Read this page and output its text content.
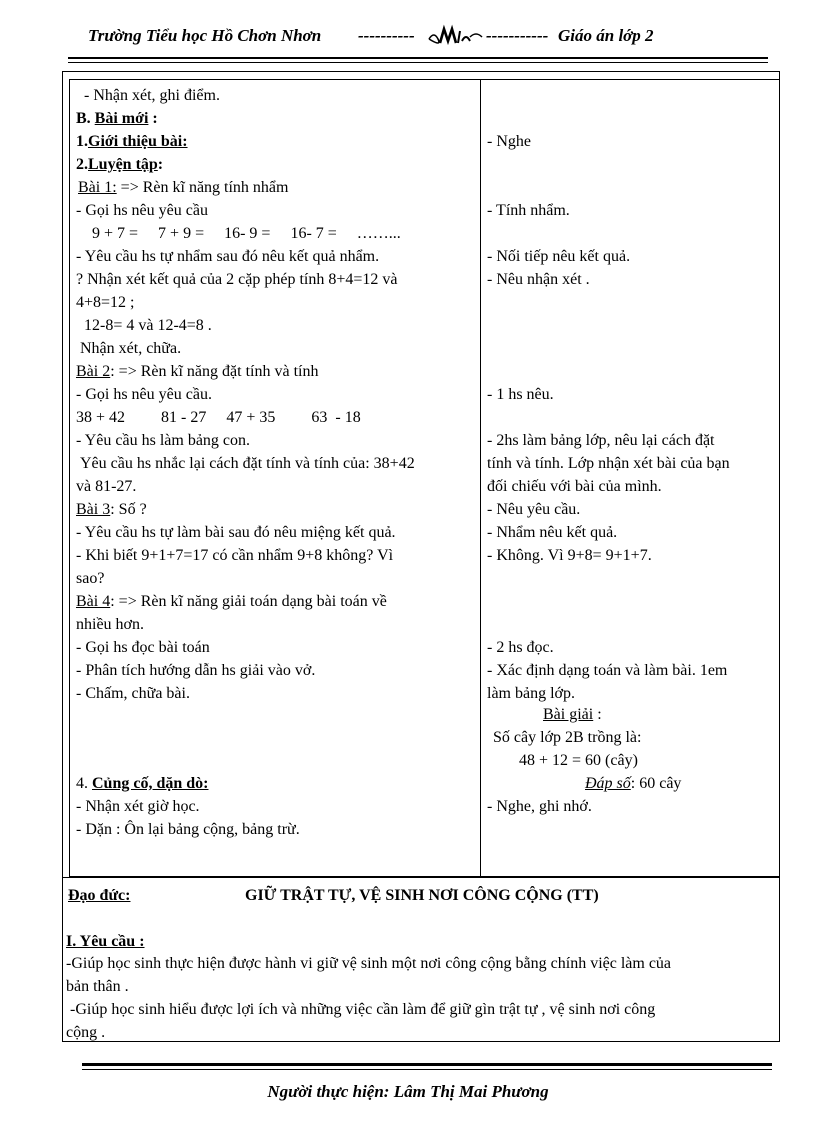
Trường Tiểu học Hồ Chơn Nhơn ----------	----------- Giáo án lớp 2
- Nhận xét, ghi điểm.
B. Bài mới :
1.Giới thiệu bài:
2.Luyện tập:
Bài 1: => Rèn kĩ năng tính nhẩm
- Gọi hs nêu yêu cầu
9 + 7 =     7 + 9 =     16- 9 =     16- 7 =     ……...
- Yêu cầu hs tự nhẩm sau đó nêu kết quả nhẩm.
? Nhận xét kết quả của 2 cặp phép tính 8+4=12 và
4+8=12 ;
12-8= 4 và 12-4=8 .
Nhận xét, chữa.
Bài 2: => Rèn kĩ năng đặt tính và tính
- Gọi hs nêu yêu cầu.
38 + 42         81 - 27     47 + 35         63  - 18
- Yêu cầu hs làm bảng con.
Yêu cầu hs nhắc lại cách đặt tính và tính của: 38+42
và 81-27.
Bài 3: Số ?
- Yêu cầu hs tự làm bài sau đó nêu miệng kết quả.
- Khi biết 9+1+7=17 có cần nhẩm 9+8 không? Vì
sao?
Bài 4: => Rèn kĩ năng giải toán dạng bài toán về
nhiều hơn.
- Gọi hs đọc bài toán
- Phân tích hướng dẫn hs giải vào vở.
- Chấm, chữa bài.
4. Củng cố, dặn dò:
- Nhận xét giờ học.
- Dặn : Ôn lại bảng cộng, bảng trừ.
- Nghe
- Tính nhẩm.
- Nối tiếp nêu kết quả.
- Nêu nhận xét .
- 1 hs nêu.
- 2hs làm bảng lớp, nêu lại cách đặt
tính và tính. Lớp nhận xét bài của bạn
đối chiếu với bài của mình.
- Nêu yêu cầu.
- Nhẩm nêu kết quả.
- Không. Vì 9+8= 9+1+7.
- 2 hs đọc.
- Xác định dạng toán và làm bài. 1em
làm bảng lớp.
Bài giải :
Số cây lớp 2B trồng là:
48 + 12 = 60 (cây)
Đáp số: 60 cây
- Nghe, ghi nhớ.
Đạo đức:	GIỮ TRẬT TỰ, VỆ SINH NƠI CÔNG CỘNG (TT)
I. Yêu cầu :
-Giúp học sinh thực hiện được hành vi giữ vệ sinh một nơi công cộng bằng chính việc làm của
bản thân .
-Giúp học sinh hiểu được lợi ích và những việc cần làm để giữ gìn trật tự , vệ sinh nơi công
cộng .
Người thực hiện: Lâm Thị Mai Phương
